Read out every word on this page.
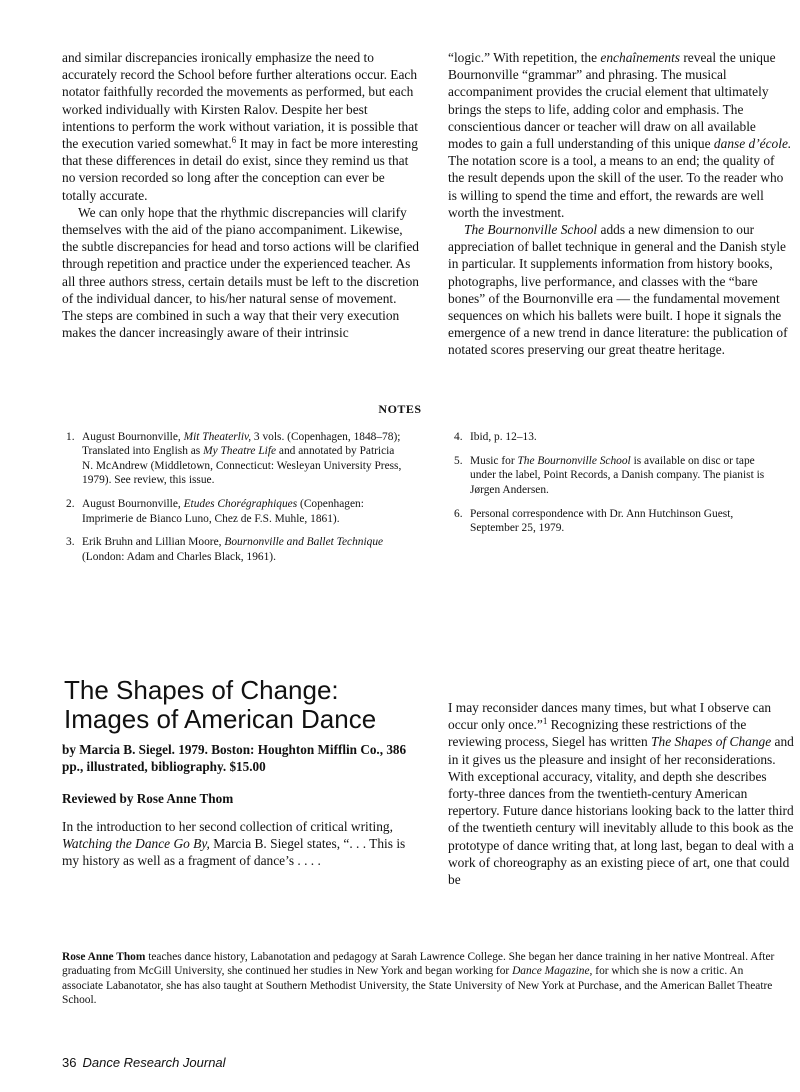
and similar discrepancies ironically emphasize the need to accurately record the School before further alterations occur. Each notator faithfully recorded the movements as performed, but each worked individually with Kirsten Ralov. Despite her best intentions to perform the work without variation, it is possible that the execution varied somewhat.$^6$ It may in fact be more interesting that these differences in detail do exist, since they remind us that no version recorded so long after the conception can ever be totally accurate.

We can only hope that the rhythmic discrepancies will clarify themselves with the aid of the piano accompaniment. Likewise, the subtle discrepancies for head and torso actions will be clarified through repetition and practice under the experienced teacher. As all three authors stress, certain details must be left to the discretion of the individual dancer, to his/her natural sense of movement. The steps are combined in such a way that their very execution makes the dancer increasingly aware of their intrinsic

“logic.” With repetition, the enchaînements reveal the unique Bournonville “grammar” and phrasing. The musical accompaniment provides the crucial element that ultimately brings the steps to life, adding color and emphasis. The conscientious dancer or teacher will draw on all available modes to gain a full understanding of this unique danse d’école. The notation score is a tool, a means to an end; the quality of the result depends upon the skill of the user. To the reader who is willing to spend the time and effort, the rewards are well worth the investment.

The Bournonville School adds a new dimension to our appreciation of ballet technique in general and the Danish style in particular. It supplements information from history books, photographs, live performance, and classes with the “bare bones” of the Bournonville era — the fundamental movement sequences on which his ballets were built. I hope it signals the emergence of a new trend in dance literature: the publication of notated scores preserving our great theatre heritage.

NOTES
1. August Bournonville, Mit Theaterliv, 3 vols. (Copenhagen, 1848–78); Translated into English as My Theatre Life and annotated by Patricia N. McAndrew (Middletown, Connecticut: Wesleyan University Press, 1979). See review, this issue.
2. August Bournonville, Etudes Chorégraphiques (Copenhagen: Imprimerie de Bianco Luno, Chez de F.S. Muhle, 1861).
3. Erik Bruhn and Lillian Moore, Bournonville and Ballet Technique (London: Adam and Charles Black, 1961).
4. Ibid, p. 12–13.
5. Music for The Bournonville School is available on disc or tape under the label, Point Records, a Danish company. The pianist is Jørgen Andersen.
6. Personal correspondence with Dr. Ann Hutchinson Guest, September 25, 1979.
The Shapes of Change:
Images of American Dance
by Marcia B. Siegel. 1979. Boston: Houghton Mifflin Co., 386 pp., illustrated, bibliography. $15.00
Reviewed by Rose Anne Thom

In the introduction to her second collection of critical writing, Watching the Dance Go By, Marcia B. Siegel states, “. . . This is my history as well as a fragment of dance’s . . . .

I may reconsider dances many times, but what I observe can occur only once.”$^1$ Recognizing these restrictions of the reviewing process, Siegel has written The Shapes of Change and in it gives us the pleasure and insight of her reconsiderations. With exceptional accuracy, vitality, and depth she describes forty-three dances from the twentieth-century American repertory. Future dance historians looking back to the latter third of the twentieth century will inevitably allude to this book as the prototype of dance writing that, at long last, began to deal with a work of choreography as an existing piece of art, one that could be

Rose Anne Thom teaches dance history, Labanotation and pedagogy at Sarah Lawrence College. She began her dance training in her native Montreal. After graduating from McGill University, she continued her studies in New York and began working for Dance Magazine, for which she is now a critic. An associate Labanotator, she has also taught at Southern Methodist University, the State University of New York at Purchase, and the American Ballet Theatre School.
36 Dance Research Journal
